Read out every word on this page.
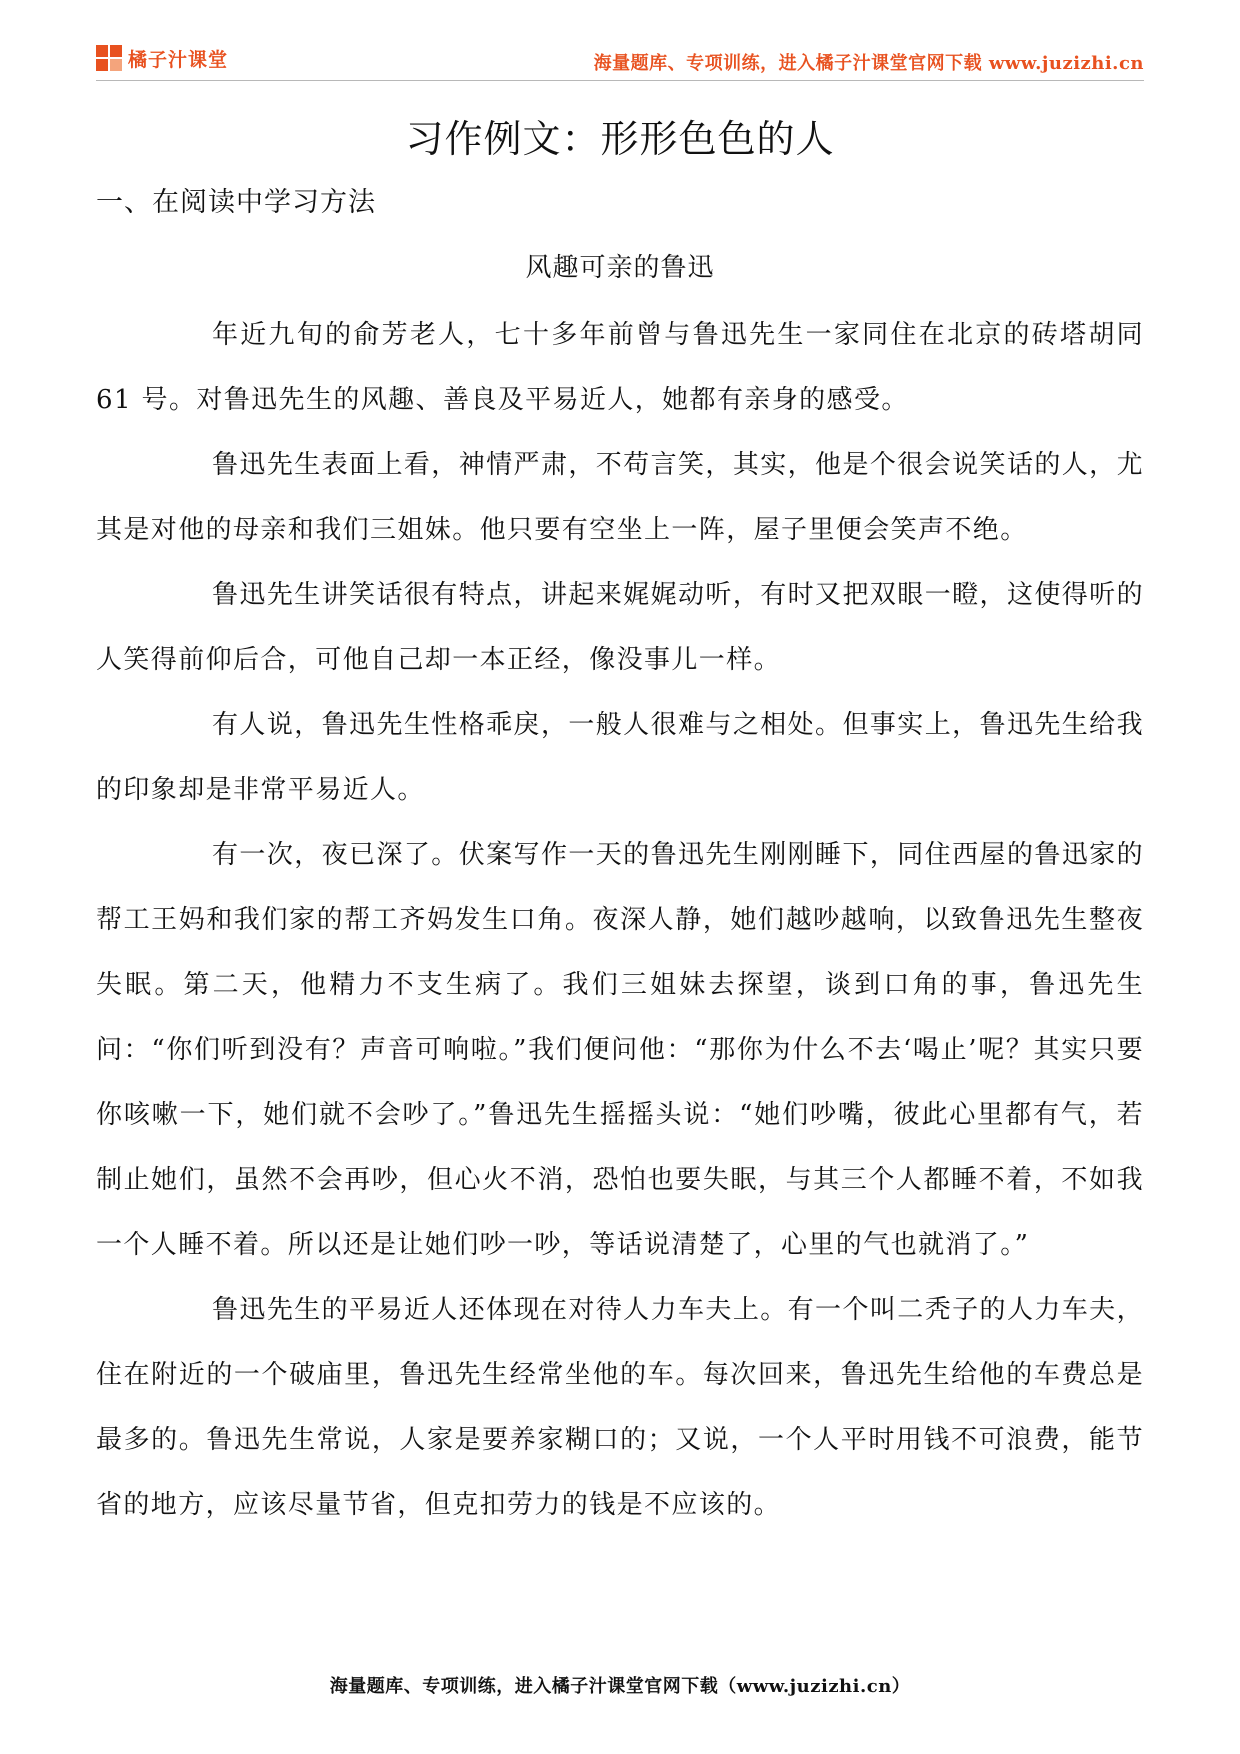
橘子汁课堂	海量题库、专项训练，进入橘子汁课堂官网下载 www.juzizhi.cn
习作例文：形形色色的人
一、在阅读中学习方法
风趣可亲的鲁迅

年近九旬的俞芳老人，七十多年前曾与鲁迅先生一家同住在北京的砖塔胡同 61 号。对鲁迅先生的风趣、善良及平易近人，她都有亲身的感受。

鲁迅先生表面上看，神情严肃，不苟言笑，其实，他是个很会说笑话的人，尤其是对他的母亲和我们三姐妹。他只要有空坐上一阵，屋子里便会笑声不绝。

鲁迅先生讲笑话很有特点，讲起来娓娓动听，有时又把双眼一瞪，这使得听的人笑得前仰后合，可他自己却一本正经，像没事儿一样。

有人说，鲁迅先生性格乖戾，一般人很难与之相处。但事实上，鲁迅先生给我的印象却是非常平易近人。

有一次，夜已深了。伏案写作一天的鲁迅先生刚刚睡下，同住西屋的鲁迅家的帮工王妈和我们家的帮工齐妈发生口角。夜深人静，她们越吵越响，以致鲁迅先生整夜失眠。第二天，他精力不支生病了。我们三姐妹去探望，谈到口角的事，鲁迅先生问：“你们听到没有？声音可响啦。”我们便问他：“那你为什么不去‘喝止’呢？其实只要你咳嗽一下，她们就不会吵了。”鲁迅先生摇摇头说：“她们吵嘴，彼此心里都有气，若制止她们，虽然不会再吵，但心火不消，恐怕也要失眠，与其三个人都睡不着，不如我一个人睡不着。所以还是让她们吵一吵，等话说清楚了，心里的气也就消了。”

鲁迅先生的平易近人还体现在对待人力车夫上。有一个叫二秃子的人力车夫，住在附近的一个破庙里，鲁迅先生经常坐他的车。每次回来，鲁迅先生给他的车费总是最多的。鲁迅先生常说，人家是要养家糊口的；又说，一个人平时用钱不可浪费，能节省的地方，应该尽量节省，但克扣劳力的钱是不应该的。

海量题库、专项训练，进入橘子汁课堂官网下载（www.juzizhi.cn）
